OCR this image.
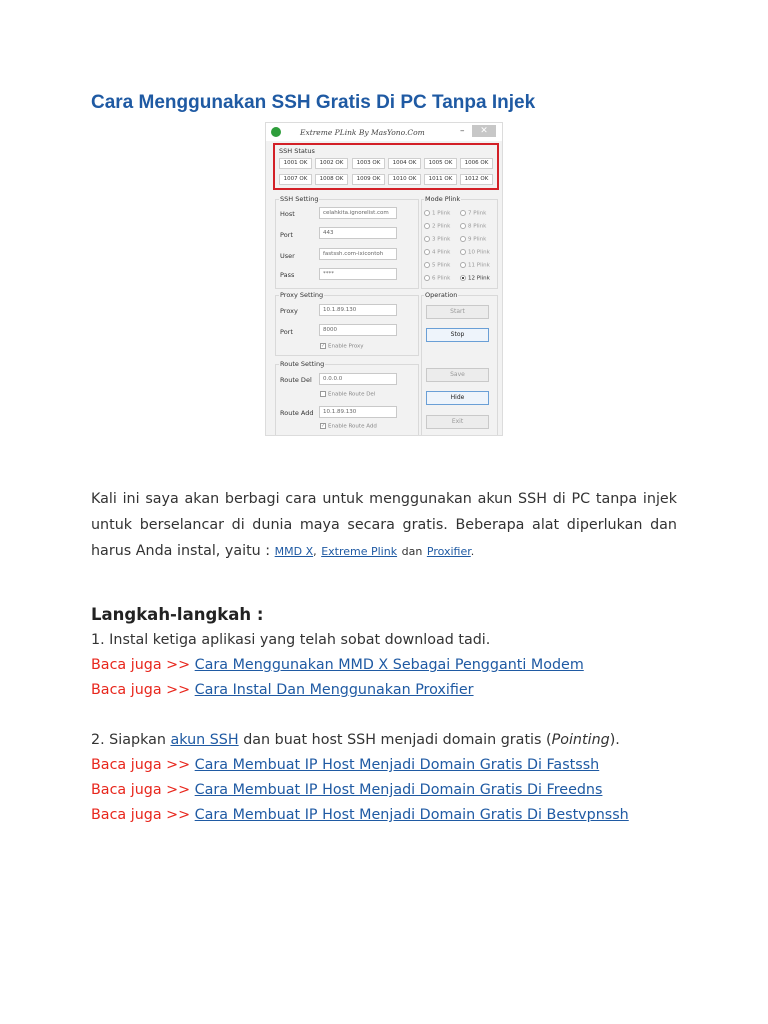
Cara Menggunakan SSH Gratis Di PC Tanpa Injek
Extreme PLink By MasYono.Com	–	✕
SSH Status
1001 OK	1002 OK	1003 OK	1004 OK	1005 OK	1006 OK
1007 OK	1008 OK	1009 OK	1010 OK	1011 OK	1012 OK
SSH Setting
Host	celahkita.ignorelist.com
Port	443
User	fastssh.com-ixicontoh
Pass	****
Proxy Setting
Proxy	10.1.89.130
Port	8000
✓ Enable Proxy
Route Setting
Route Del	0.0.0.0
Enable Route Del
Route Add	10.1.89.130
✓ Enable Route Add
Mode Plink
1 Plink	7 Plink
2 Plink	8 Plink
3 Plink	9 Plink
4 Plink	10 Plink
5 Plink	11 Plink
6 Plink	12 Plink
Operation
Start
Stop
Save
Hide
Exit
Kali ini saya akan berbagi cara untuk menggunakan akun SSH di PC tanpa injek untuk berselancar di dunia maya secara gratis. Beberapa alat diperlukan dan harus Anda instal, yaitu : MMD X, Extreme Plink dan Proxifier.
Langkah-langkah :
1. Instal ketiga aplikasi yang telah sobat download tadi.
Baca juga >> Cara Menggunakan MMD X Sebagai Pengganti Modem
Baca juga >> Cara Instal Dan Menggunakan Proxifier
2. Siapkan akun SSH dan buat host SSH menjadi domain gratis (Pointing).
Baca juga >> Cara Membuat IP Host Menjadi Domain Gratis Di Fastssh
Baca juga >> Cara Membuat IP Host Menjadi Domain Gratis Di Freedns
Baca juga >> Cara Membuat IP Host Menjadi Domain Gratis Di Bestvpnssh
